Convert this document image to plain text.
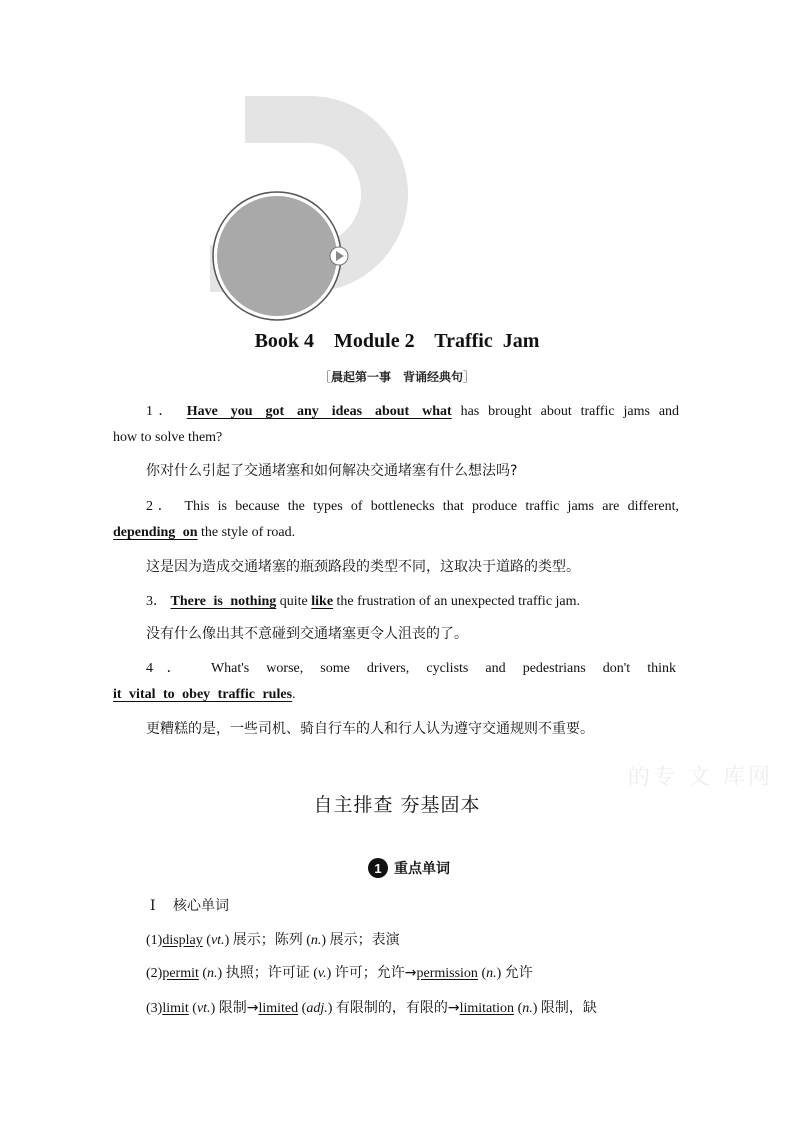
Book 4    Module 2    Traffic  Jam
［晨起第一事　背诵经典句］
1． Have you got any ideas about what has brought about traffic jams and
how to solve them?
你对什么引起了交通堵塞和如何解决交通堵塞有什么想法吗?
2． This is because the types of bottlenecks that produce traffic jams are different,
depending on the style of road.
这是因为造成交通堵塞的瓶颈路段的类型不同，这取决于道路的类型。
3． There is nothing quite like the frustration of an unexpected traffic jam.
没有什么像出其不意碰到交通堵塞更令人沮丧的了。
4． What's worse, some drivers, cyclists and pedestrians don't think
it vital to obey traffic rules.
更糟糕的是，一些司机、骑自行车的人和行人认为遵守交通规则不重要。
的专 文 库网
自主排查 夯基固本
1 重点单词
Ⅰ 核心单词
(1)display (vt.) 展示；陈列 (n.) 展示；表演
(2)permit (n.) 执照；许可证 (v.) 许可；允许→permission (n.) 允许
(3)limit (vt.) 限制→limited (adj.) 有限制的，有限的→limitation (n.) 限制，缺
